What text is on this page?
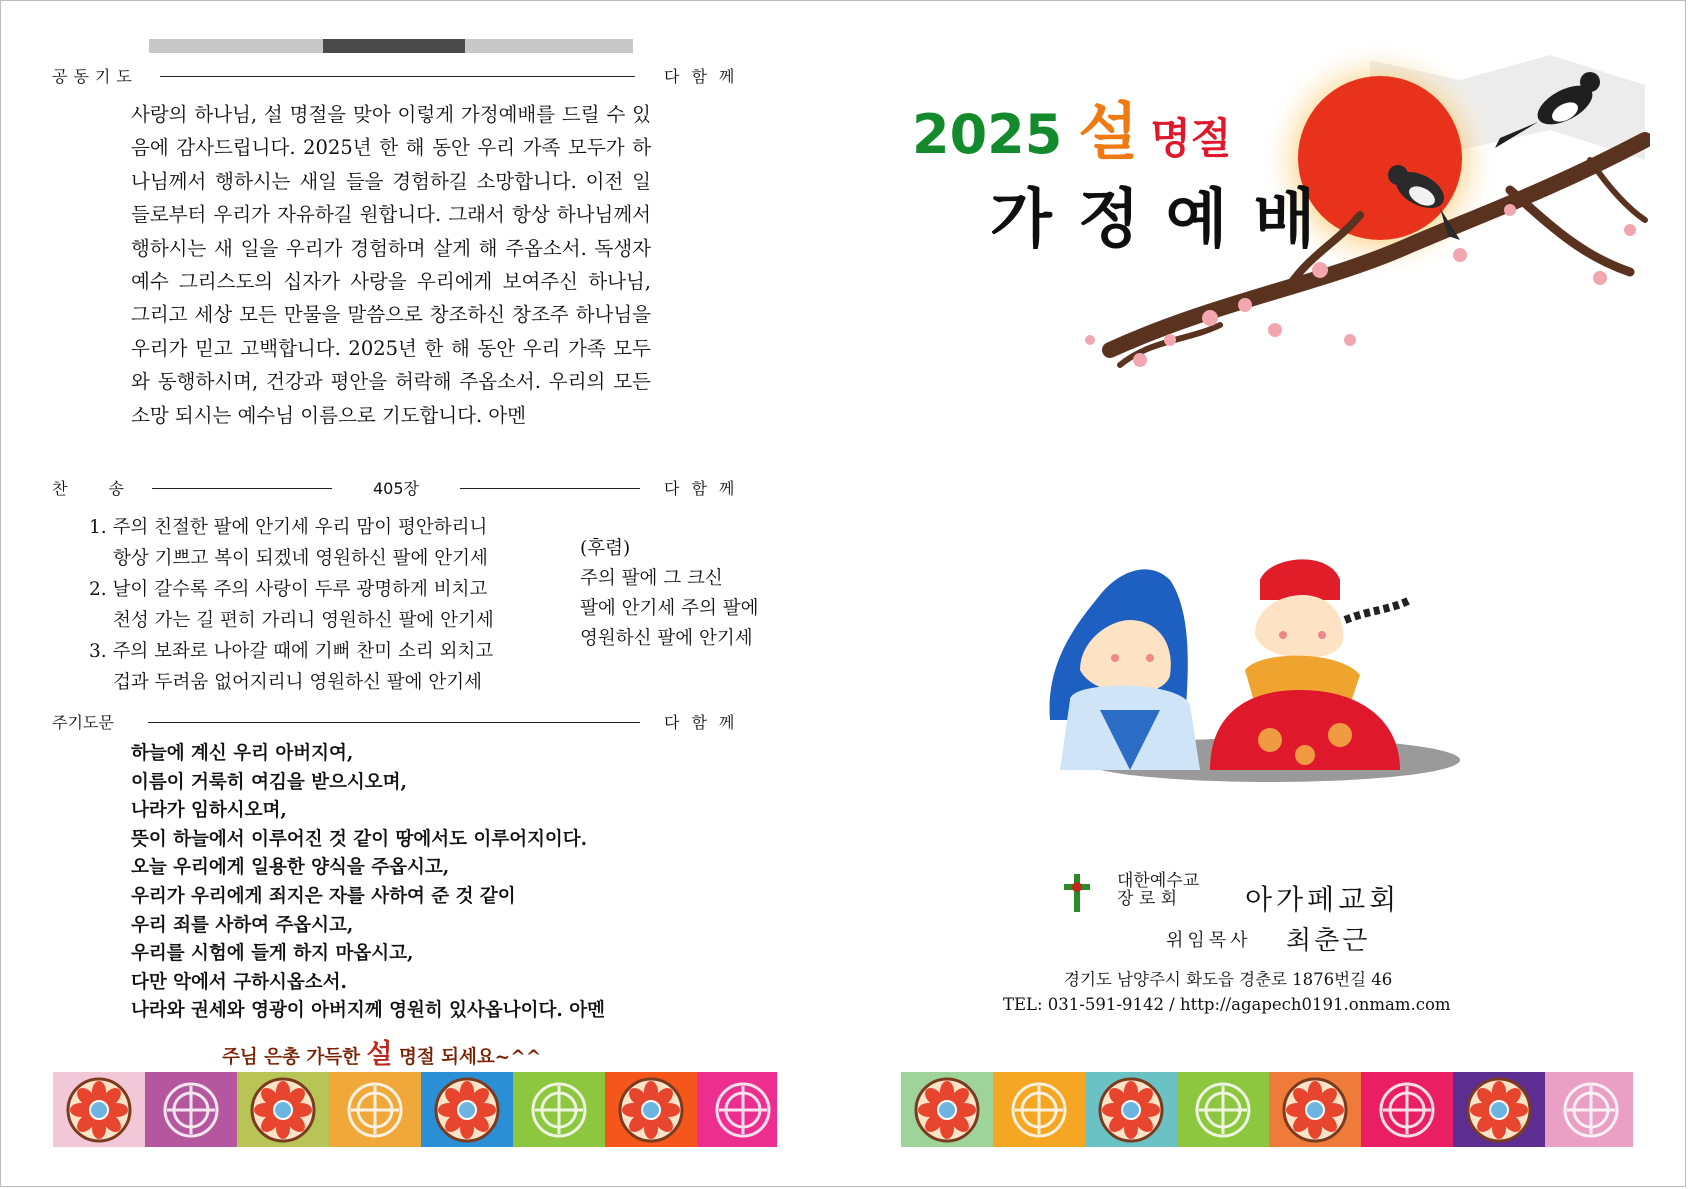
공동기도	다함께
사랑의 하나님, 설 명절을 맞아 이렇게 가정예배를 드릴 수 있음에 감사드립니다. 2025년 한 해 동안 우리 가족 모두가 하나님께서 행하시는 새일 들을 경험하길 소망합니다. 이전 일들로부터 우리가 자유하길 원합니다. 그래서 항상 하나님께서 행하시는 새 일을 우리가 경험하며 살게 해 주옵소서. 독생자 예수 그리스도의 십자가 사랑을 우리에게 보여주신 하나님, 그리고 세상 모든 만물을 말씀으로 창조하신 창조주 하나님을 우리가 믿고 고백합니다. 2025년 한 해 동안 우리 가족 모두와 동행하시며, 건강과 평안을 허락해 주옵소서. 우리의 모든 소망 되시는 예수님 이름으로 기도합니다. 아멘
찬 송	405장	다함께
1. 주의 친절한 팔에 안기세 우리 맘이 평안하리니
항상 기쁘고 복이 되겠네 영원하신 팔에 안기세
2. 날이 갈수록 주의 사랑이 두루 광명하게 비치고
천성 가는 길 편히 가리니 영원하신 팔에 안기세
3. 주의 보좌로 나아갈 때에 기뻐 찬미 소리 외치고
겁과 두려움 없어지리니 영원하신 팔에 안기세
(후렴)
주의 팔에 그 크신
팔에 안기세 주의 팔에
영원하신 팔에 안기세
주기도문	다함께
하늘에 계신 우리 아버지여,
이름이 거룩히 여김을 받으시오며,
나라가 임하시오며,
뜻이 하늘에서 이루어진 것 같이 땅에서도 이루어지이다.
오늘 우리에게 일용한 양식을 주옵시고,
우리가 우리에게 죄지은 자를 사하여 준 것 같이
우리 죄를 사하여 주옵시고,
우리를 시험에 들게 하지 마옵시고,
다만 악에서 구하시옵소서.
나라와 권세와 영광이 아버지께 영원히 있사옵나이다. 아멘
주님 은총 가득한 설 명절 되세요~^^
2025 설 명절
가정예배
대한예수교
장 로 회	아가페교회
위임목사 최춘근
경기도 남양주시 화도읍 경춘로 1876번길 46
TEL: 031-591-9142 / http://agapech0191.onmam.com
